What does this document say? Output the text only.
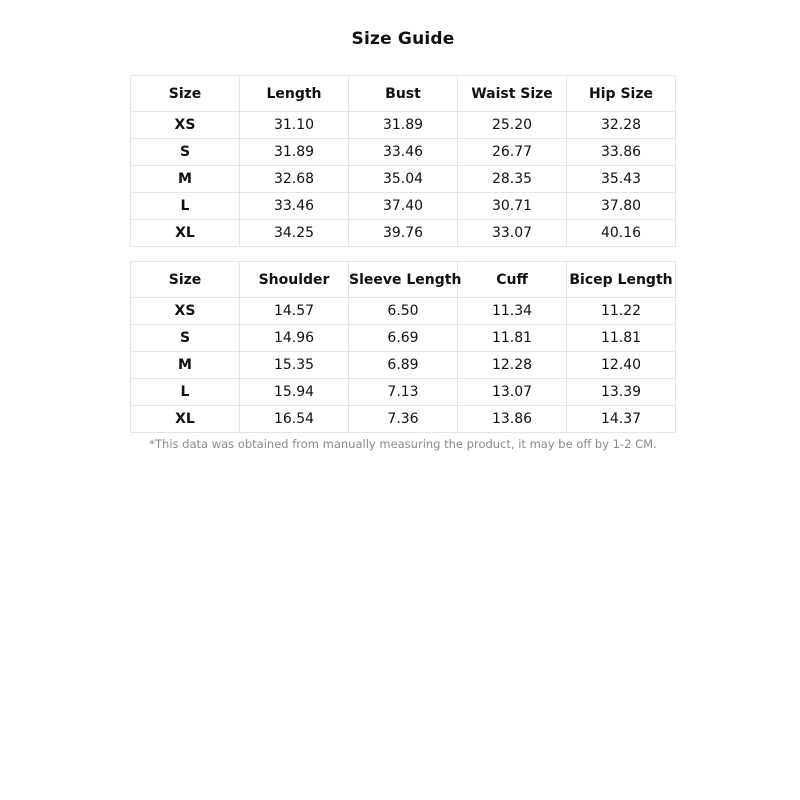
Size Guide
Size	Length	Bust	Waist Size	Hip Size
XS	31.10	31.89	25.20	32.28
S	31.89	33.46	26.77	33.86
M	32.68	35.04	28.35	35.43
L	33.46	37.40	30.71	37.80
XL	34.25	39.76	33.07	40.16
Size	Shoulder	Sleeve Length	Cuff	Bicep Length
XS	14.57	6.50	11.34	11.22
S	14.96	6.69	11.81	11.81
M	15.35	6.89	12.28	12.40
L	15.94	7.13	13.07	13.39
XL	16.54	7.36	13.86	14.37
*This data was obtained from manually measuring the product, it may be off by 1-2 CM.
